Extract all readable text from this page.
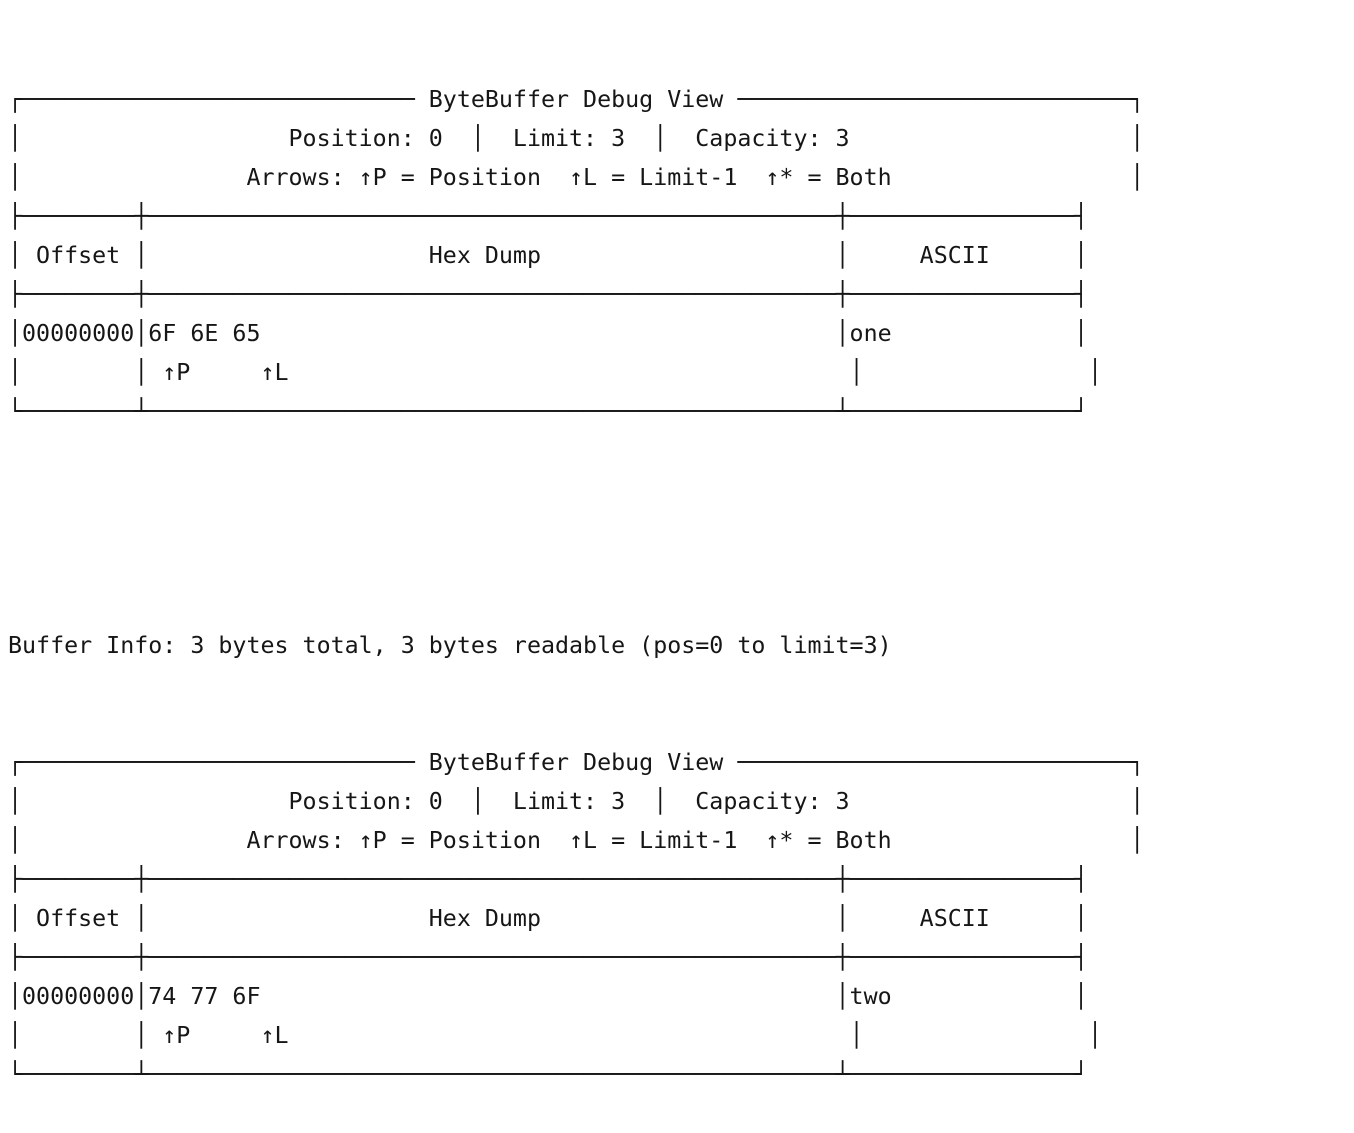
┌──────────────────────────── ByteBuffer Debug View ────────────────────────────┐
│                   Position: 0  │  Limit: 3  │  Capacity: 3                    │
│                Arrows: ↑P = Position  ↑L = Limit-1  ↑* = Both                 │
├────────┼─────────────────────────────────────────────────┼────────────────┤
│ Offset │                    Hex Dump                     │     ASCII      │
├────────┼─────────────────────────────────────────────────┼────────────────┤
│00000000│6F 6E 65                                         │one             │
│        │ ↑P     ↑L                                        │                │
└────────┴─────────────────────────────────────────────────┴────────────────┘

Buffer Info: 3 bytes total, 3 bytes readable (pos=0 to limit=3)

┌──────────────────────────── ByteBuffer Debug View ────────────────────────────┐
│                   Position: 0  │  Limit: 3  │  Capacity: 3                    │
│                Arrows: ↑P = Position  ↑L = Limit-1  ↑* = Both                 │
├────────┼─────────────────────────────────────────────────┼────────────────┤
│ Offset │                    Hex Dump                     │     ASCII      │
├────────┼─────────────────────────────────────────────────┼────────────────┤
│00000000│74 77 6F                                         │two             │
│        │ ↑P     ↑L                                        │                │
└────────┴─────────────────────────────────────────────────┴────────────────┘
